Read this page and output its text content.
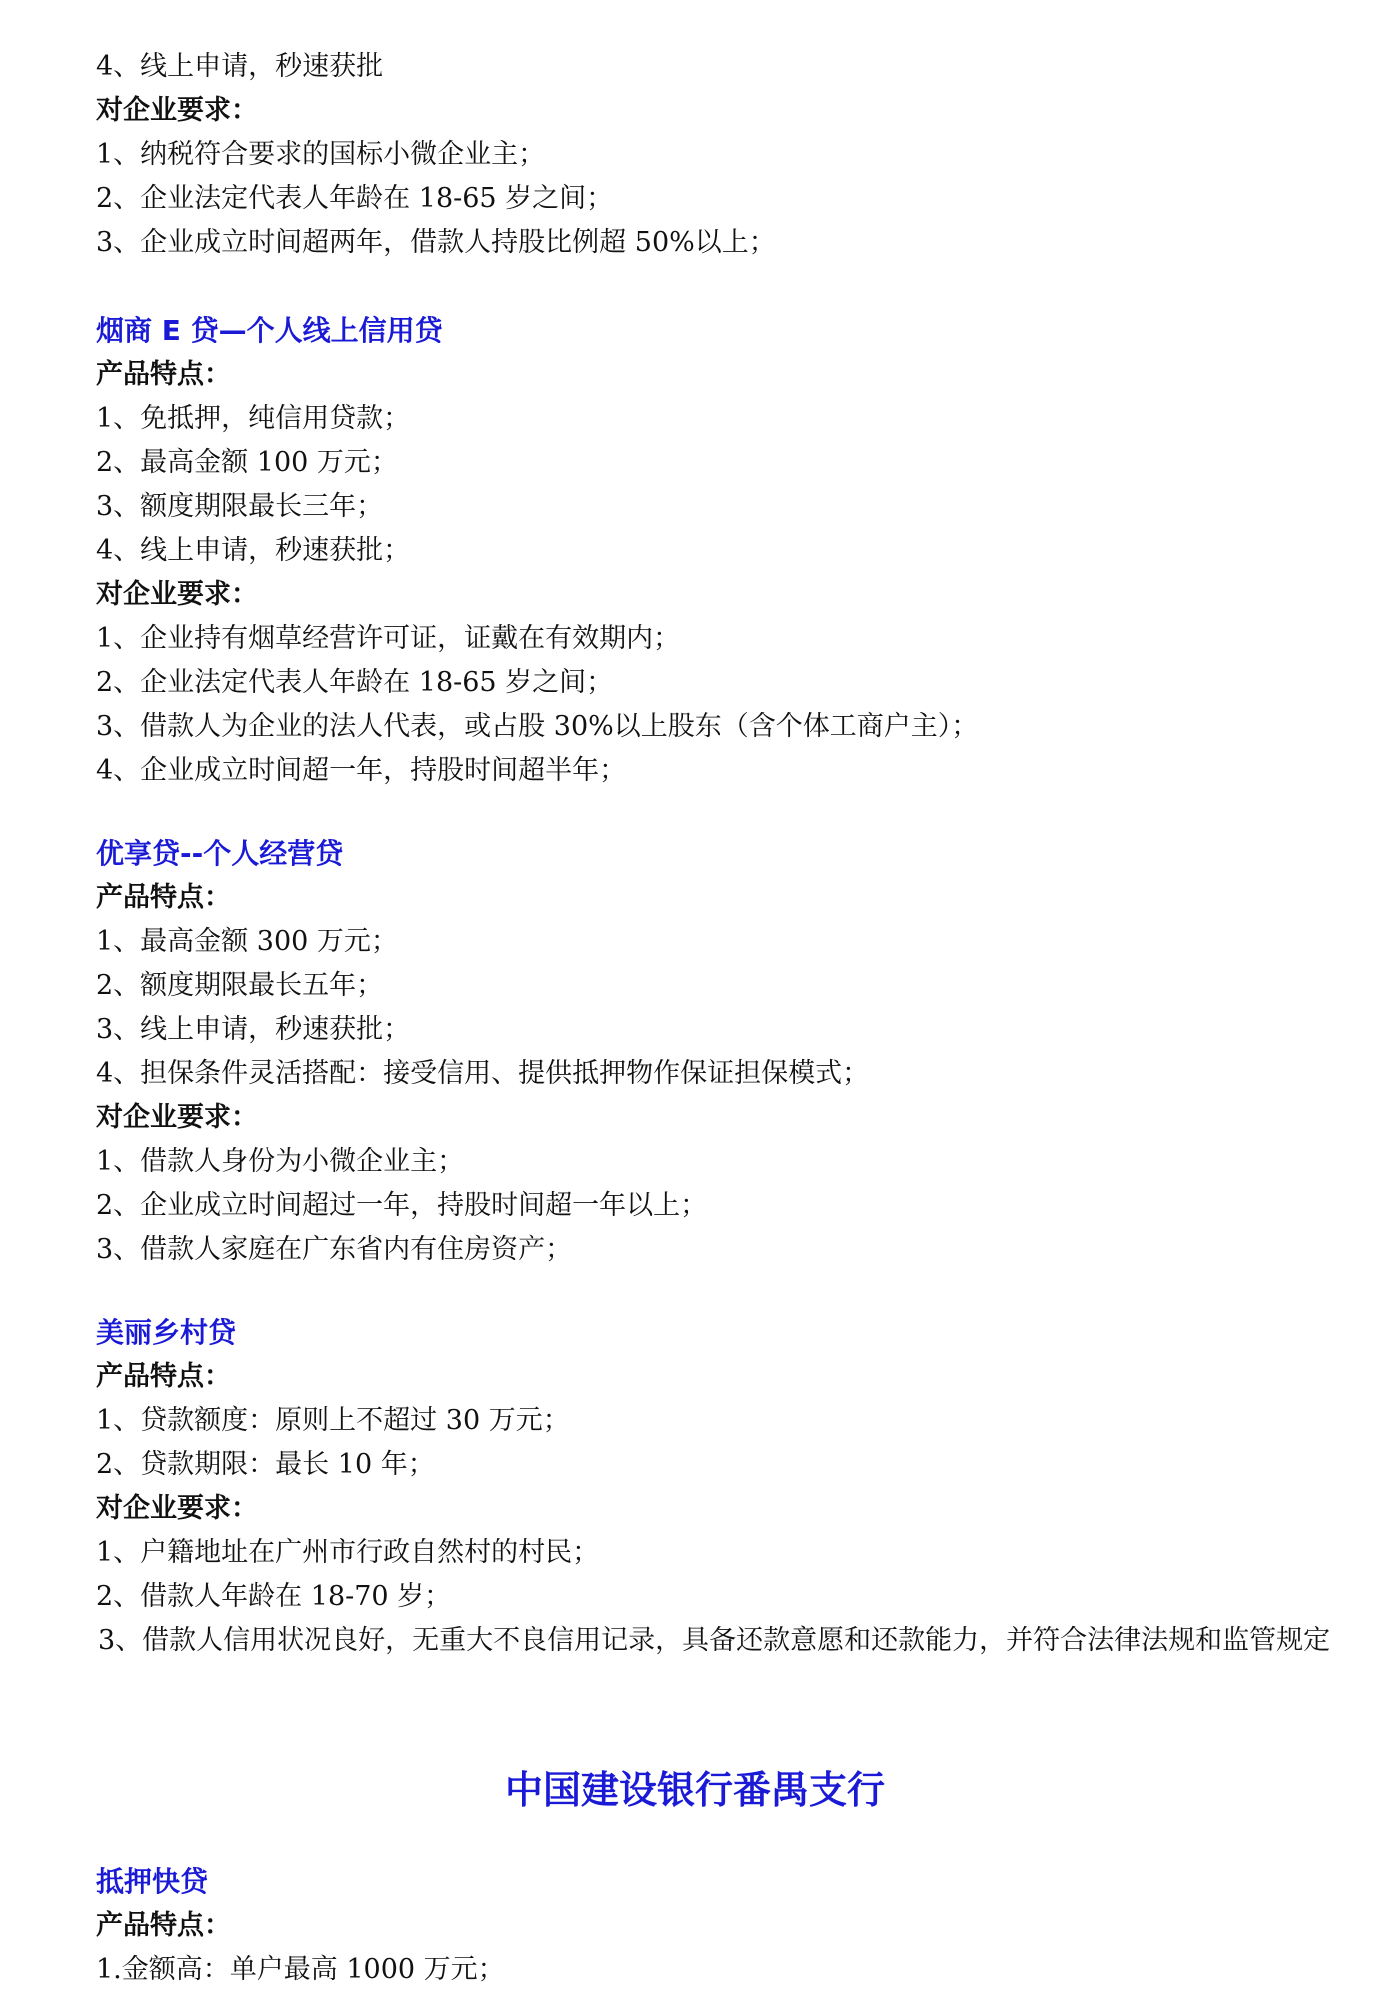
4、线上申请，秒速获批
对企业要求：
1、纳税符合要求的国标小微企业主；
2、企业法定代表人年龄在 18-65 岁之间；
3、企业成立时间超两年，借款人持股比例超 50%以上；
烟商 E 贷—个人线上信用贷
产品特点：
1、免抵押，纯信用贷款；
2、最高金额 100 万元；
3、额度期限最长三年；
4、线上申请，秒速获批；
对企业要求：
1、企业持有烟草经营许可证，证戴在有效期内；
2、企业法定代表人年龄在 18-65 岁之间；
3、借款人为企业的法人代表，或占股 30%以上股东（含个体工商户主）；
4、企业成立时间超一年，持股时间超半年；
优享贷--个人经营贷
产品特点：
1、最高金额 300 万元；
2、额度期限最长五年；
3、线上申请，秒速获批；
4、担保条件灵活搭配：接受信用、提供抵押物作保证担保模式；
对企业要求：
1、借款人身份为小微企业主；
2、企业成立时间超过一年，持股时间超一年以上；
3、借款人家庭在广东省内有住房资产；
美丽乡村贷
产品特点：
1、贷款额度：原则上不超过 30 万元；
2、贷款期限：最长 10 年；
对企业要求：
1、户籍地址在广州市行政自然村的村民；
2、借款人年龄在 18-70 岁；
3、借款人信用状况良好，无重大不良信用记录，具备还款意愿和还款能力，并符合法律法规和监管规定
中国建设银行番禺支行
抵押快贷
产品特点：
1.金额高：单户最高 1000 万元；
